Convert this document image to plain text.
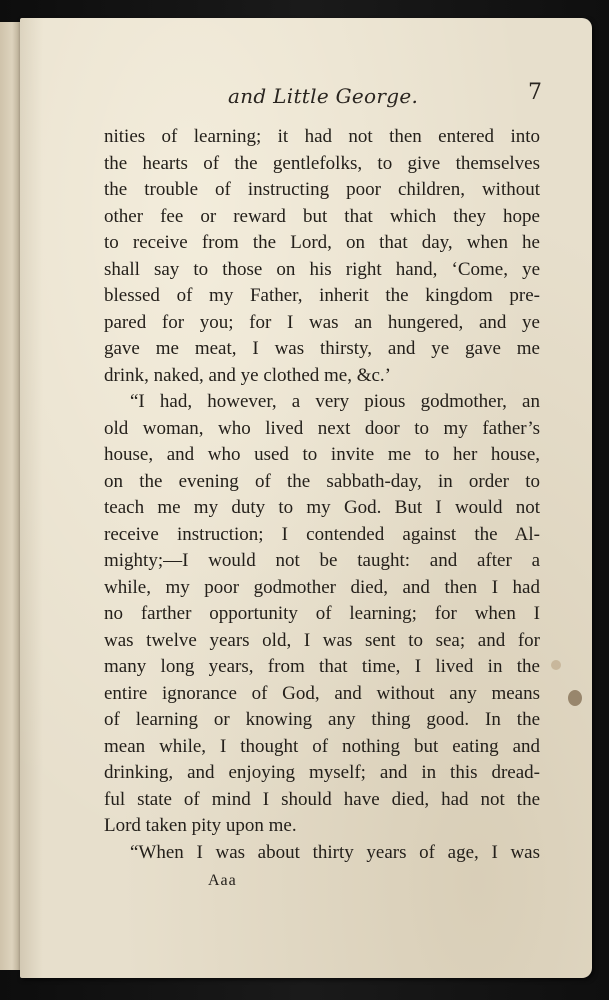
and Little George.	7
nities of learning; it had not then entered into
the hearts of the gentlefolks, to give themselves
the trouble of instructing poor children, without
other fee or reward but that which they hope
to receive from the Lord, on that day, when he
shall say to those on his right hand, ‘Come, ye
blessed of my Father, inherit the kingdom pre-
pared for you; for I was an hungered, and ye
gave me meat, I was thirsty, and ye gave me
drink, naked, and ye clothed me, &c.’
“I had, however, a very pious godmother, an
old woman, who lived next door to my father’s
house, and who used to invite me to her house,
on the evening of the sabbath-day, in order to
teach me my duty to my God. But I would not
receive instruction; I contended against the Al-
mighty;—I would not be taught: and after a
while, my poor godmother died, and then I had
no farther opportunity of learning; for when I
was twelve years old, I was sent to sea; and for
many long years, from that time, I lived in the
entire ignorance of God, and without any means
of learning or knowing any thing good. In the
mean while, I thought of nothing but eating and
drinking, and enjoying myself; and in this dread-
ful state of mind I should have died, had not the
Lord taken pity upon me.
“When I was about thirty years of age, I was
Aaa
